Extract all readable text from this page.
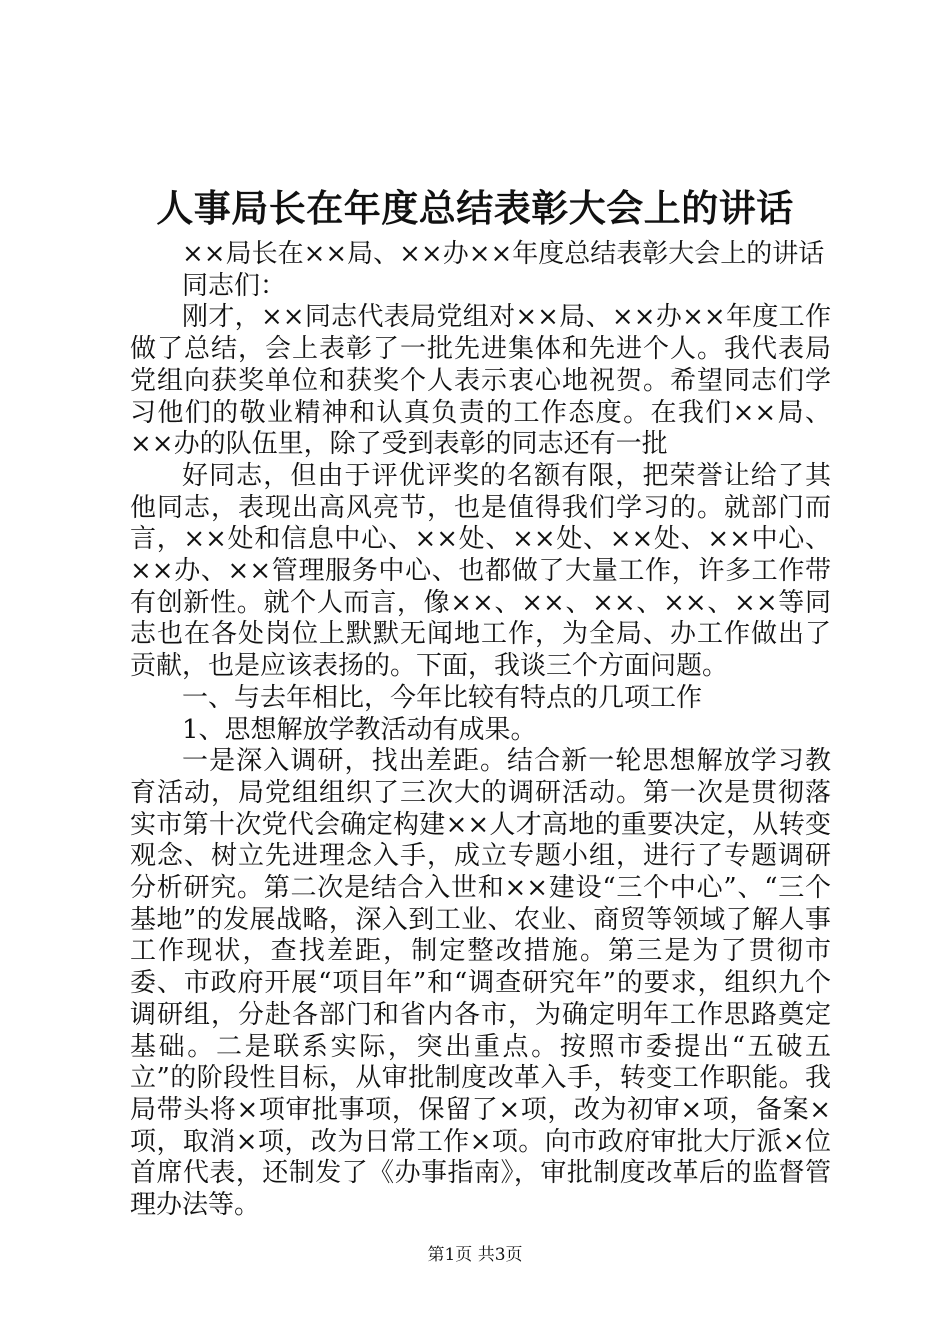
人事局长在年度总结表彰大会上的讲话

××局长在××局、××办××年度总结表彰大会上的讲话

同志们：

刚才，××同志代表局党组对××局、××办××年度工作做了总结，会上表彰了一批先进集体和先进个人。我代表局党组向获奖单位和获奖个人表示衷心地祝贺。希望同志们学习他们的敬业精神和认真负责的工作态度。在我们××局、××办的队伍里，除了受到表彰的同志还有一批

好同志，但由于评优评奖的名额有限，把荣誉让给了其他同志，表现出高风亮节，也是值得我们学习的。就部门而言，××处和信息中心、××处、××处、××处、××中心、××办、××管理服务中心、也都做了大量工作，许多工作带有创新性。就个人而言，像××、××、××、××、××等同志也在各处岗位上默默无闻地工作，为全局、办工作做出了贡献，也是应该表扬的。下面，我谈三个方面问题。

一、与去年相比，今年比较有特点的几项工作

1、思想解放学教活动有成果。

一是深入调研，找出差距。结合新一轮思想解放学习教育活动，局党组组织了三次大的调研活动。第一次是贯彻落实市第十次党代会确定构建××人才高地的重要决定，从转变观念、树立先进理念入手，成立专题小组，进行了专题调研分析研究。第二次是结合入世和××建设“三个中心”、“三个基地”的发展战略，深入到工业、农业、商贸等领域了解人事工作现状，查找差距，制定整改措施。第三是为了贯彻市委、市政府开展“项目年”和“调查研究年”的要求，组织九个调研组，分赴各部门和省内各市，为确定明年工作思路奠定基础。二是联系实际，突出重点。按照市委提出“五破五立”的阶段性目标，从审批制度改革入手，转变工作职能。我局带头将×项审批事项，保留了×项，改为初审×项，备案×项，取消×项，改为日常工作×项。向市政府审批大厅派×位首席代表，还制发了《办事指南》，审批制度改革后的监督管理办法等。

第1页 共3页
